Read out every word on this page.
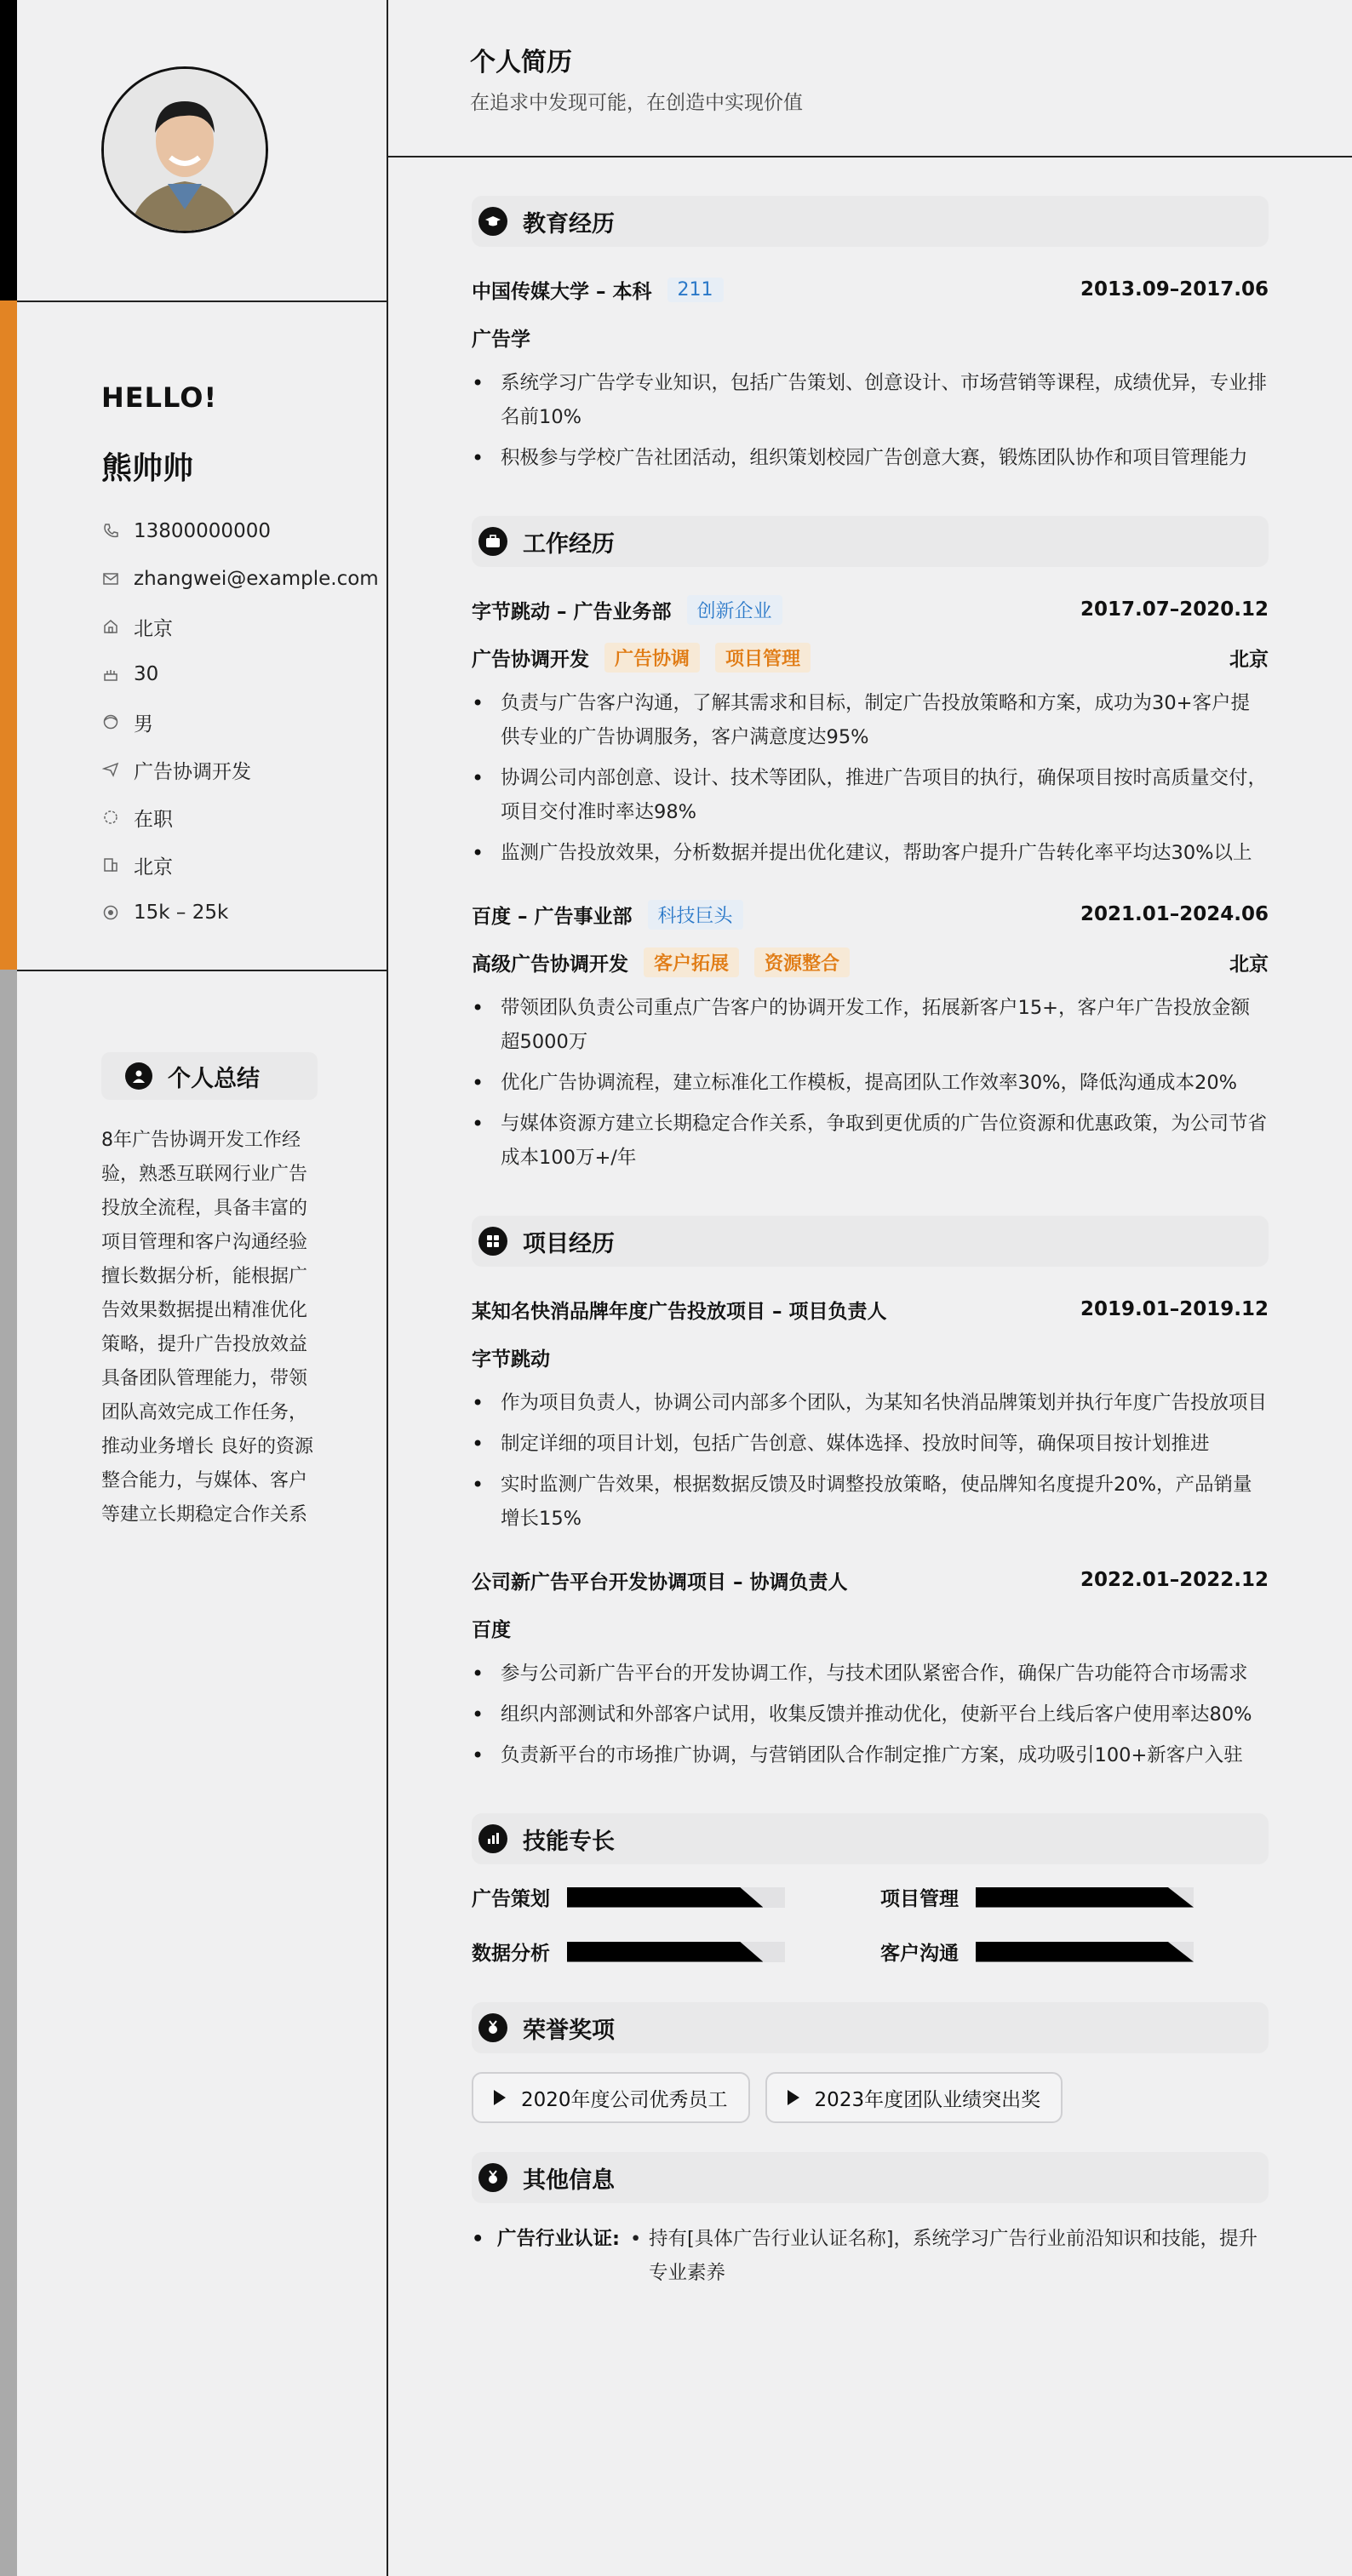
HELLO!
熊帅帅
13800000000
zhangwei@example.com
北京
30
男
广告协调开发
在职
北京
15k – 25k
个人总结
8年广告协调开发工作经验，熟悉互联网行业广告投放全流程，具备丰富的项目管理和客户沟通经验 擅长数据分析，能根据广告效果数据提出精准优化策略，提升广告投放效益 具备团队管理能力，带领团队高效完成工作任务，推动业务增长 良好的资源整合能力，与媒体、客户等建立长期稳定合作关系
个人简历
在追求中发现可能，在创造中实现价值
教育经历
中国传媒大学 – 本科	211	2013.09–2017.06
广告学
• 系统学习广告学专业知识，包括广告策划、创意设计、市场营销等课程，成绩优异，专业排名前10%
• 积极参与学校广告社团活动，组织策划校园广告创意大赛，锻炼团队协作和项目管理能力
工作经历
字节跳动 – 广告业务部	创新企业	2017.07–2020.12
广告协调开发	广告协调	项目管理	北京
• 负责与广告客户沟通，了解其需求和目标，制定广告投放策略和方案，成功为30+客户提供专业的广告协调服务，客户满意度达95%
• 协调公司内部创意、设计、技术等团队，推进广告项目的执行，确保项目按时高质量交付，项目交付准时率达98%
• 监测广告投放效果，分析数据并提出优化建议，帮助客户提升广告转化率平均达30%以上
百度 – 广告事业部	科技巨头	2021.01–2024.06
高级广告协调开发	客户拓展	资源整合	北京
• 带领团队负责公司重点广告客户的协调开发工作，拓展新客户15+，客户年广告投放金额超5000万
• 优化广告协调流程，建立标准化工作模板，提高团队工作效率30%，降低沟通成本20%
• 与媒体资源方建立长期稳定合作关系，争取到更优质的广告位资源和优惠政策，为公司节省成本100万+/年
项目经历
某知名快消品牌年度广告投放项目 – 项目负责人	2019.01–2019.12
字节跳动
• 作为项目负责人，协调公司内部多个团队，为某知名快消品牌策划并执行年度广告投放项目
• 制定详细的项目计划，包括广告创意、媒体选择、投放时间等，确保项目按计划推进
• 实时监测广告效果，根据数据反馈及时调整投放策略，使品牌知名度提升20%，产品销量增长15%
公司新广告平台开发协调项目 – 协调负责人	2022.01–2022.12
百度
• 参与公司新广告平台的开发协调工作，与技术团队紧密合作，确保广告功能符合市场需求
• 组织内部测试和外部客户试用，收集反馈并推动优化，使新平台上线后客户使用率达80%
• 负责新平台的市场推广协调，与营销团队合作制定推广方案，成功吸引100+新客户入驻
技能专长
广告策划	项目管理
数据分析	客户沟通
荣誉奖项
2020年度公司优秀员工	2023年度团队业绩突出奖
其他信息
• 广告行业认证:
•	持有[具体广告行业认证名称]，系统学习广告行业前沿知识和技能，提升专业素养
